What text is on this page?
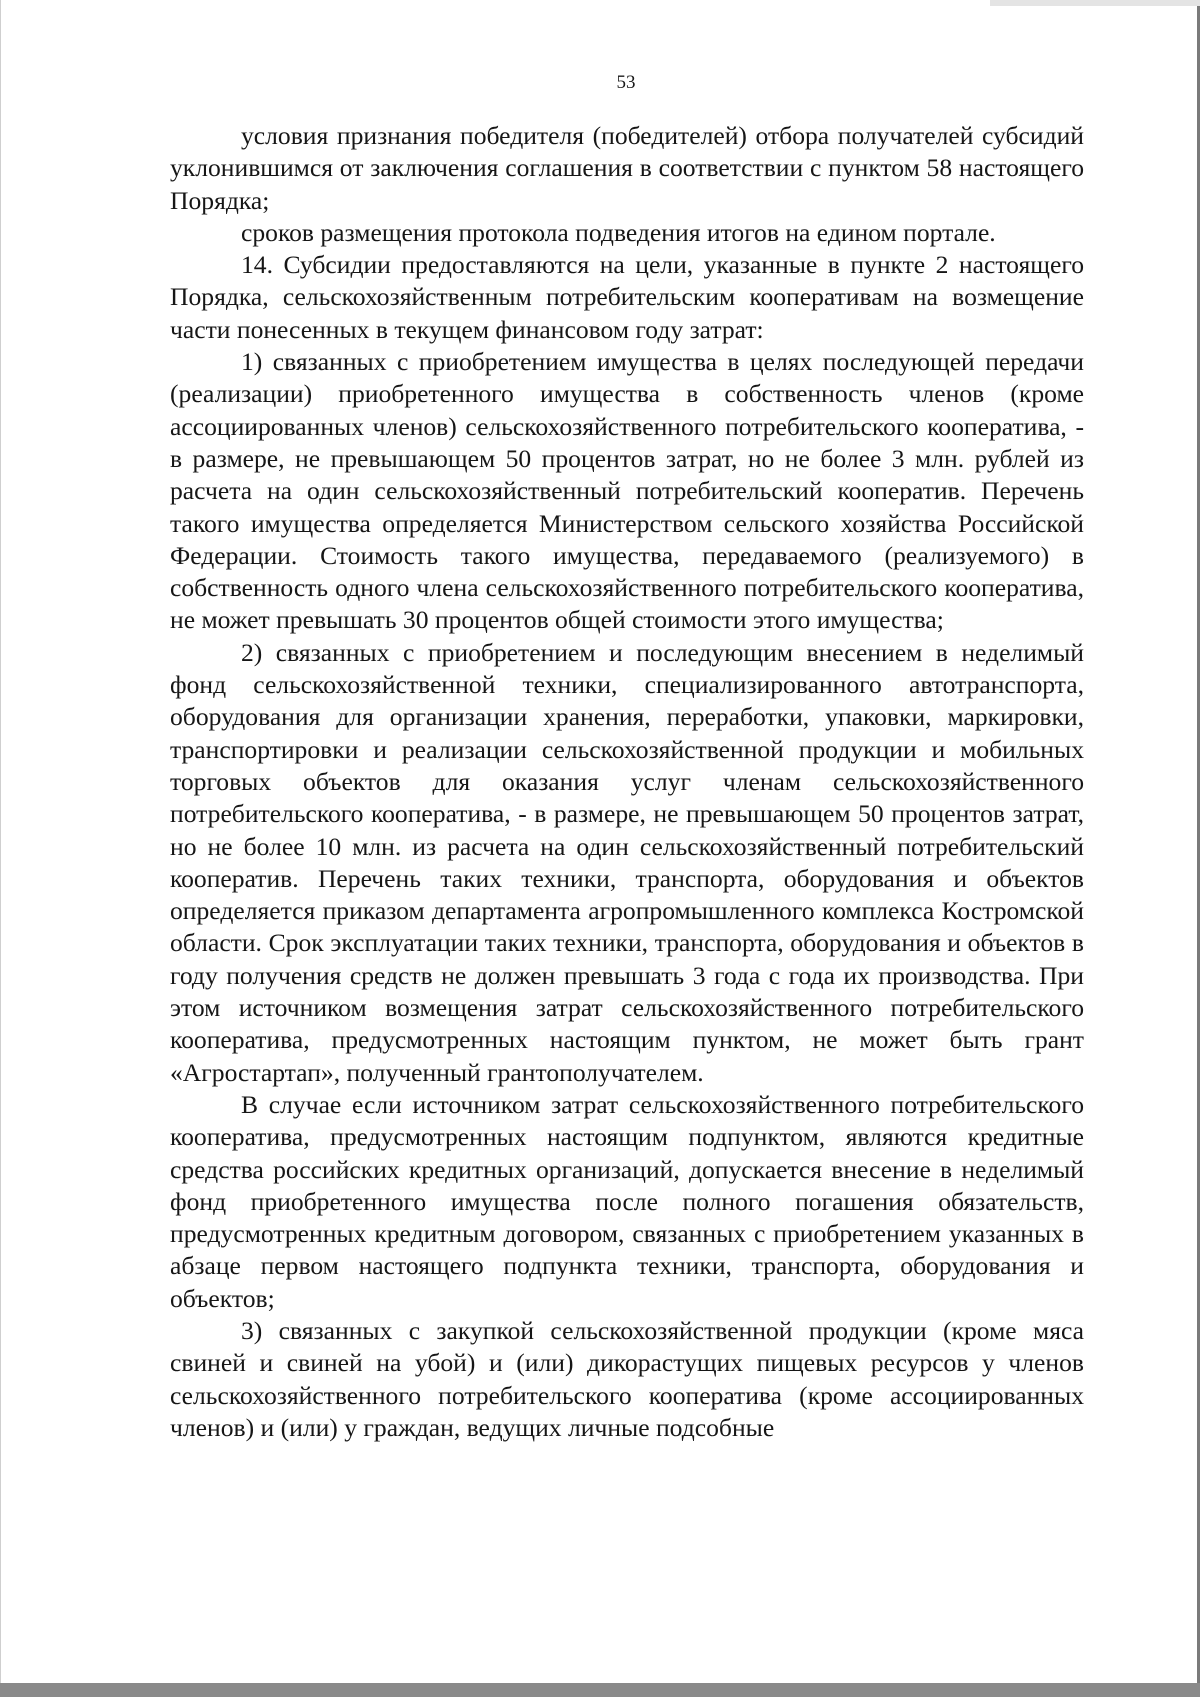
53

условия признания победителя (победителей) отбора получателей субсидий уклонившимся от заключения соглашения в соответствии с пунктом 58 настоящего Порядка;

сроков размещения протокола подведения итогов на едином портале.

14. Субсидии предоставляются на цели, указанные в пункте 2 настоящего Порядка, сельскохозяйственным потребительским кооперативам на возмещение части понесенных в текущем финансовом году затрат:

1) связанных с приобретением имущества в целях последующей передачи (реализации) приобретенного имущества в собственность членов (кроме ассоциированных членов) сельскохозяйственного потребительского кооператива, - в размере, не превышающем 50 процентов затрат, но не более 3 млн. рублей из расчета на один сельскохозяйственный потребительский кооператив. Перечень такого имущества определяется Министерством сельского хозяйства Российской Федерации. Стоимость такого имущества, передаваемого (реализуемого) в собственность одного члена сельскохозяйственного потребительского кооператива, не может превышать 30 процентов общей стоимости этого имущества;

2) связанных с приобретением и последующим внесением в неделимый фонд сельскохозяйственной техники, специализированного автотранспорта, оборудования для организации хранения, переработки, упаковки, маркировки, транспортировки и реализации сельскохозяйственной продукции и мобильных торговых объектов для оказания услуг членам сельскохозяйственного потребительского кооператива, - в размере, не превышающем 50 процентов затрат, но не более 10 млн. из расчета на один сельскохозяйственный потребительский кооператив. Перечень таких техники, транспорта, оборудования и объектов определяется приказом департамента агропромышленного комплекса Костромской области. Срок эксплуатации таких техники, транспорта, оборудования и объектов в году получения средств не должен превышать 3 года с года их производства. При этом источником возмещения затрат сельскохозяйственного потребительского кооператива, предусмотренных настоящим пунктом, не может быть грант «Агростартап», полученный грантополучателем.

В случае если источником затрат сельскохозяйственного потребительского кооператива, предусмотренных настоящим подпунктом, являются кредитные средства российских кредитных организаций, допускается внесение в неделимый фонд приобретенного имущества после полного погашения обязательств, предусмотренных кредитным договором, связанных с приобретением указанных в абзаце первом настоящего подпункта техники, транспорта, оборудования и объектов;

3) связанных с закупкой сельскохозяйственной продукции (кроме мяса свиней и свиней на убой) и (или) дикорастущих пищевых ресурсов у членов сельскохозяйственного потребительского кооператива (кроме ассоциированных членов) и (или) у граждан, ведущих личные подсобные
